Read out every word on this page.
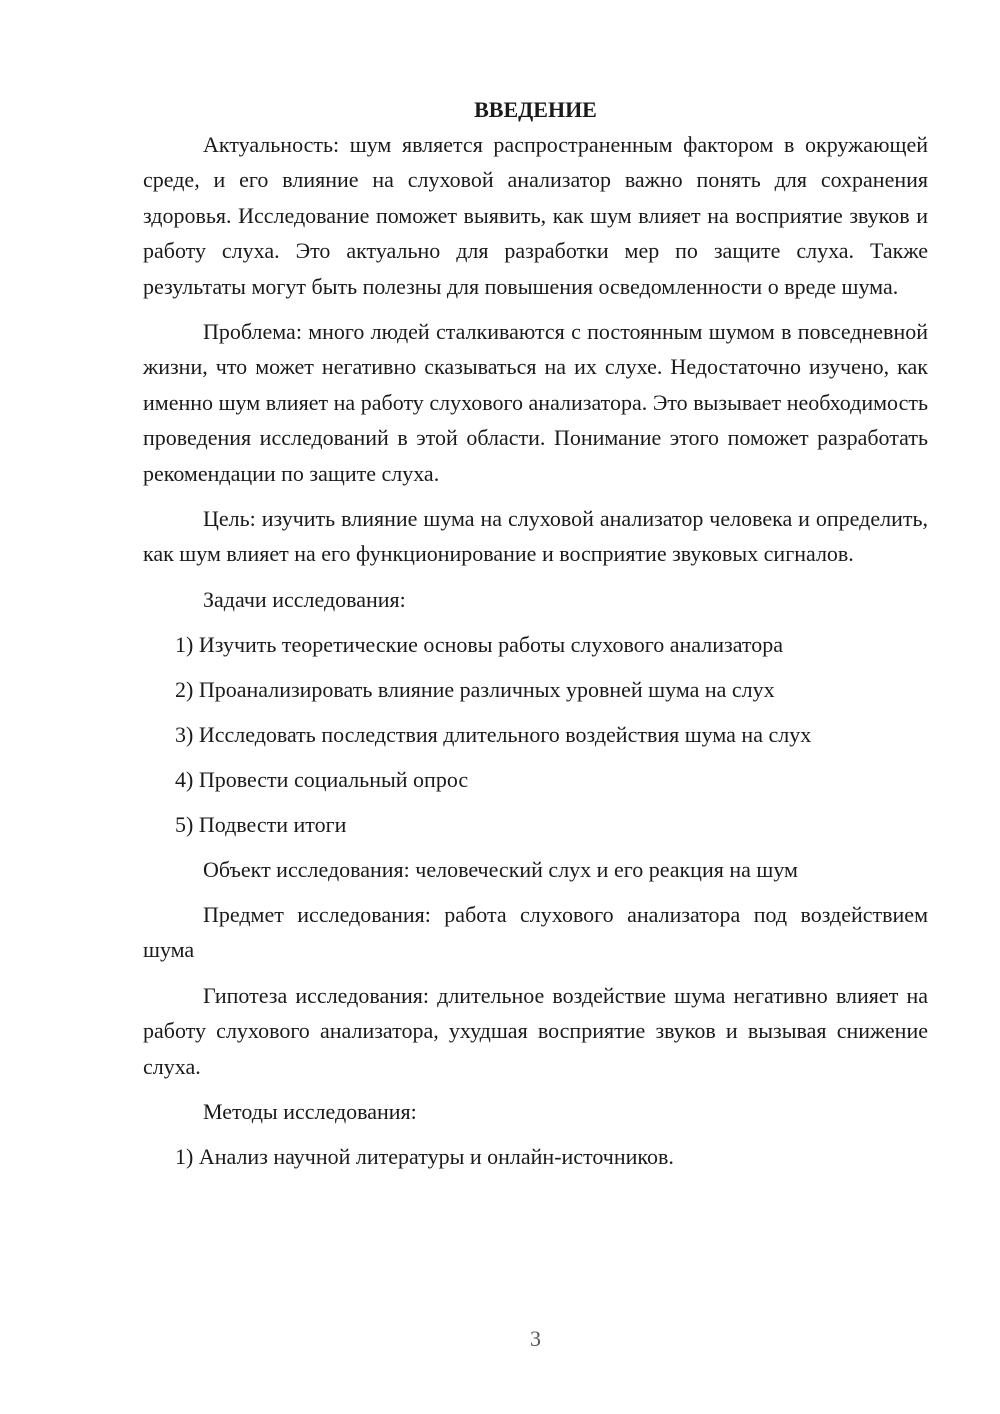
ВВЕДЕНИЕ

Актуальность: шум является распространенным фактором в окружающей среде, и его влияние на слуховой анализатор важно понять для сохранения здоровья. Исследование поможет выявить, как шум влияет на восприятие звуков и работу слуха. Это актуально для разработки мер по защите слуха. Также результаты могут быть полезны для повышения осведомленности о вреде шума.

Проблема: много людей сталкиваются с постоянным шумом в повседневной жизни, что может негативно сказываться на их слухе. Недостаточно изучено, как именно шум влияет на работу слухового анализатора. Это вызывает необходимость проведения исследований в этой области. Понимание этого поможет разработать рекомендации по защите слуха.

Цель: изучить влияние шума на слуховой анализатор человека и определить, как шум влияет на его функционирование и восприятие звуковых сигналов.

Задачи исследования:

1) Изучить теоретические основы работы слухового анализатора
2) Проанализировать влияние различных уровней шума на слух
3) Исследовать последствия длительного воздействия шума на слух
4) Провести социальный опрос
5) Подвести итоги

Объект исследования: человеческий слух и его реакция на шум

Предмет исследования: работа слухового анализатора под воздействием шума

Гипотеза исследования: длительное воздействие шума негативно влияет на работу слухового анализатора, ухудшая восприятие звуков и вызывая снижение слуха.

Методы исследования:

1) Анализ научной литературы и онлайн-источников.
3
